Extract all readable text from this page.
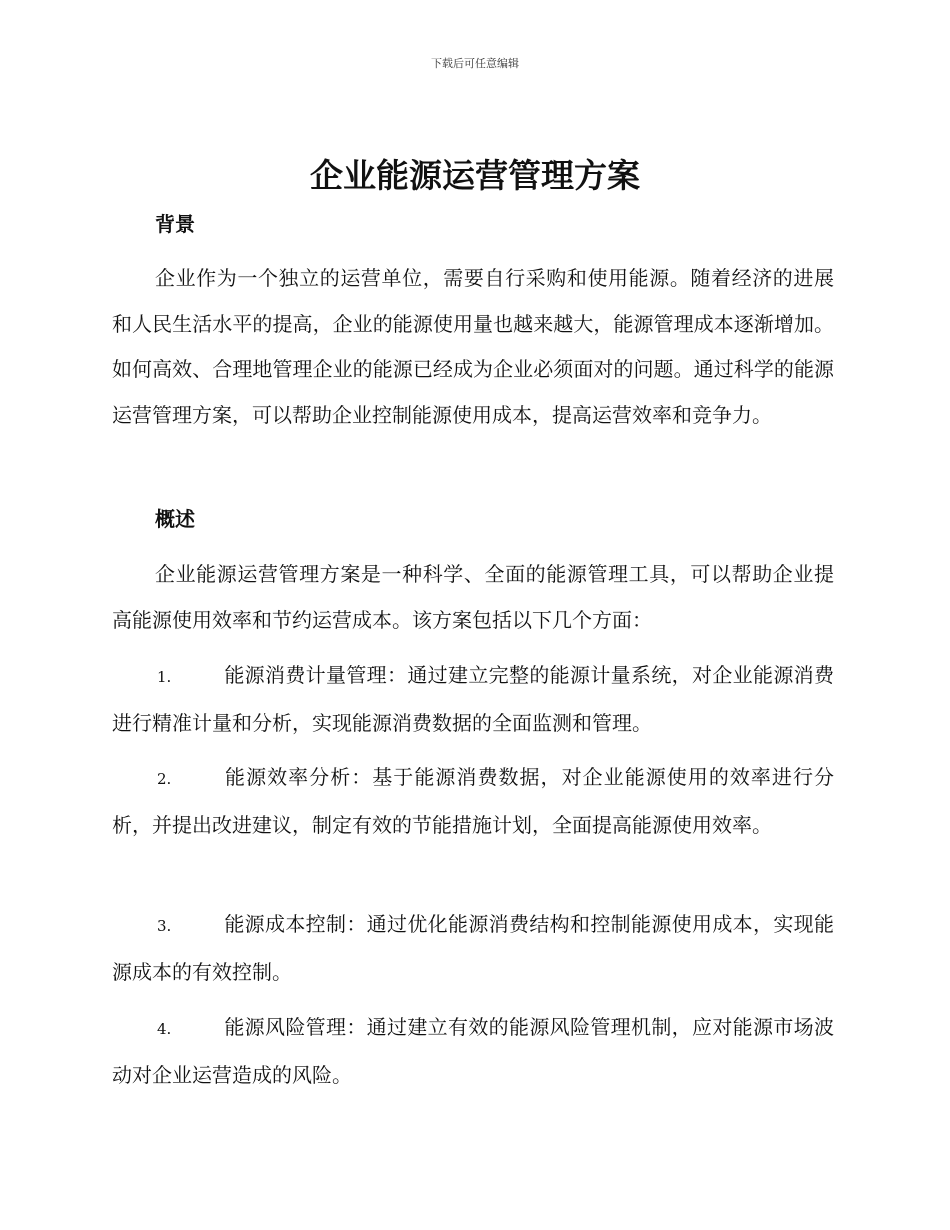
下载后可任意编辑
企业能源运营管理方案
背景

企业作为一个独立的运营单位，需要自行采购和使用能源。随着经济的进展和人民生活水平的提高，企业的能源使用量也越来越大，能源管理成本逐渐增加。如何高效、合理地管理企业的能源已经成为企业必须面对的问题。通过科学的能源运营管理方案，可以帮助企业控制能源使用成本，提高运营效率和竞争力。

概述

企业能源运营管理方案是一种科学、全面的能源管理工具，可以帮助企业提高能源使用效率和节约运营成本。该方案包括以下几个方面：

1.	能源消费计量管理：通过建立完整的能源计量系统，对企业能源消费进行精准计量和分析，实现能源消费数据的全面监测和管理。

2.	能源效率分析：基于能源消费数据，对企业能源使用的效率进行分析，并提出改进建议，制定有效的节能措施计划，全面提高能源使用效率。

3.	能源成本控制：通过优化能源消费结构和控制能源使用成本，实现能源成本的有效控制。

4.	能源风险管理：通过建立有效的能源风险管理机制，应对能源市场波动对企业运营造成的风险。
